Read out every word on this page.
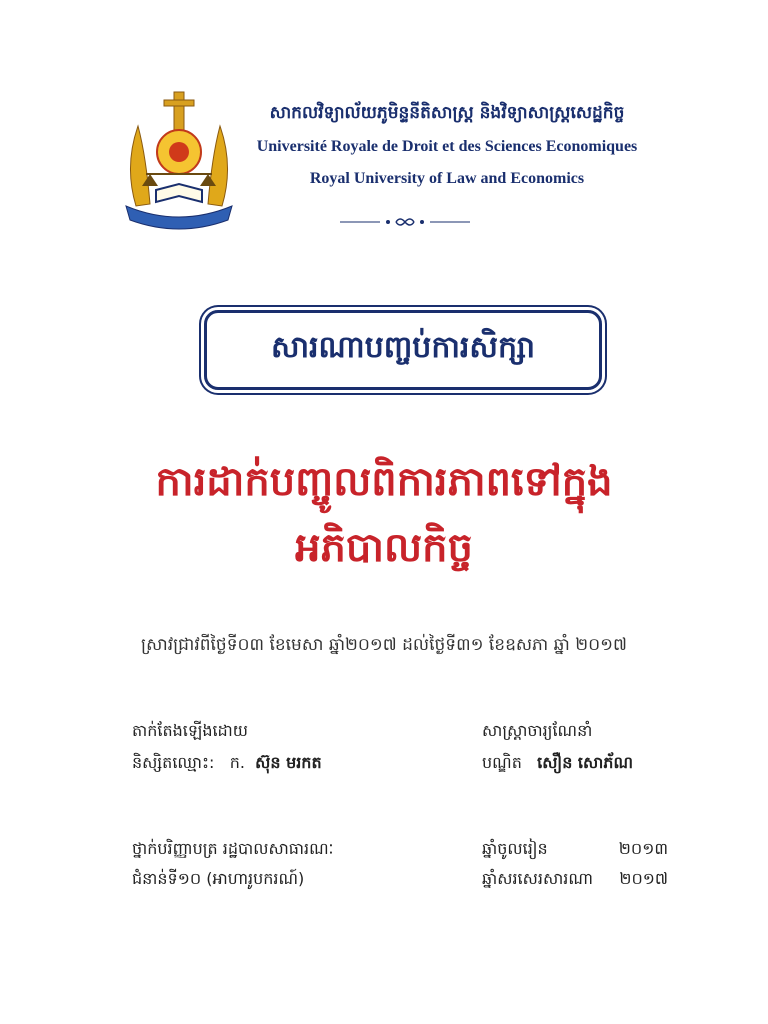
សាកលវិទ្យាល័យភូមិន្ទនីតិសាស្ត្រ និងវិទ្យាសាស្ត្រសេដ្ឋកិច្ច
Université Royale de Droit et des Sciences Economiques
Royal University of Law and Economics
សារណាបញ្ចប់ការសិក្សា
ការដាក់បញ្ចូលពិការភាពទៅក្នុង
អភិបាលកិច្ច
ស្រាវជ្រាវពីថ្ងៃទី០៣ ខែមេសា ឆ្នាំ២០១៧ ដល់ថ្ងៃទី៣១ ខែឧសភា ឆ្នាំ ២០១៧
តាក់តែងឡើងដោយ
និស្សិតឈ្មោះ:   ក. ស៊ុន មរកត
សាស្ត្រាចារ្យណែនាំ
បណ្ឌិត សឿន សោភ័ណ
ថ្នាក់បរិញ្ញាបត្រ រដ្ឋបាលសាធារណៈ
ជំនាន់ទី១០ (អាហារូបករណ៍)
ឆ្នាំចូលរៀន	២០១៣
ឆ្នាំសរសេរសារណា ២០១៧
